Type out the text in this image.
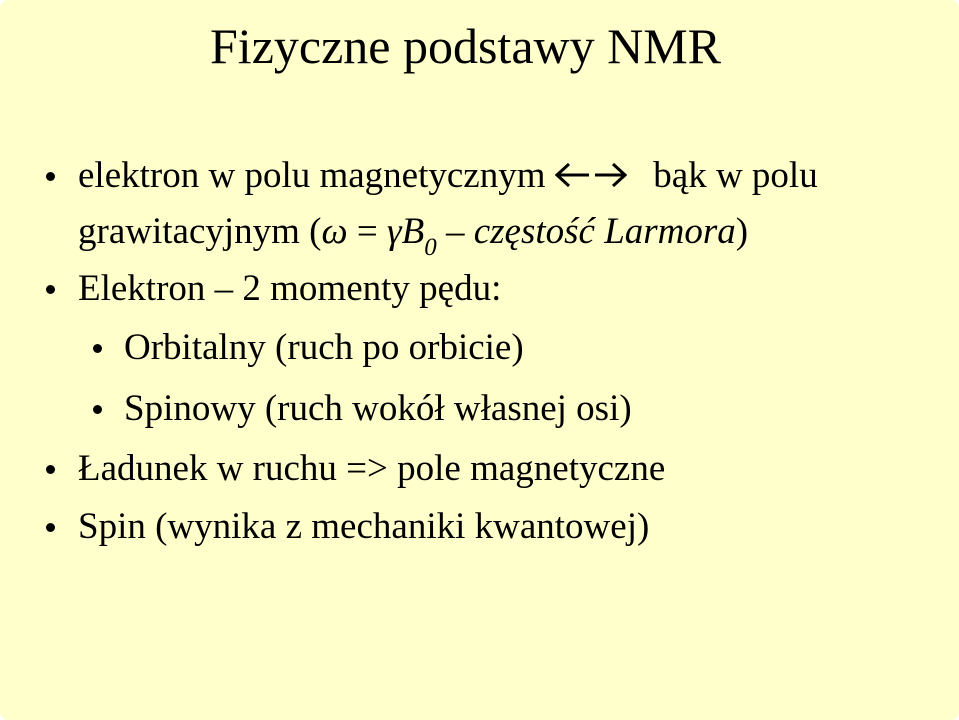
Fizyczne podstawy NMR
elektron w polu magnetycznym	bąk w polu
grawitacyjnym ($\omega = \gamma B_0$ – częstość Larmora)
Elektron – 2 momenty pędu:
Orbitalny (ruch po orbicie)
Spinowy (ruch wokół własnej osi)
Ładunek w ruchu => pole magnetyczne
Spin (wynika z mechaniki kwantowej)
